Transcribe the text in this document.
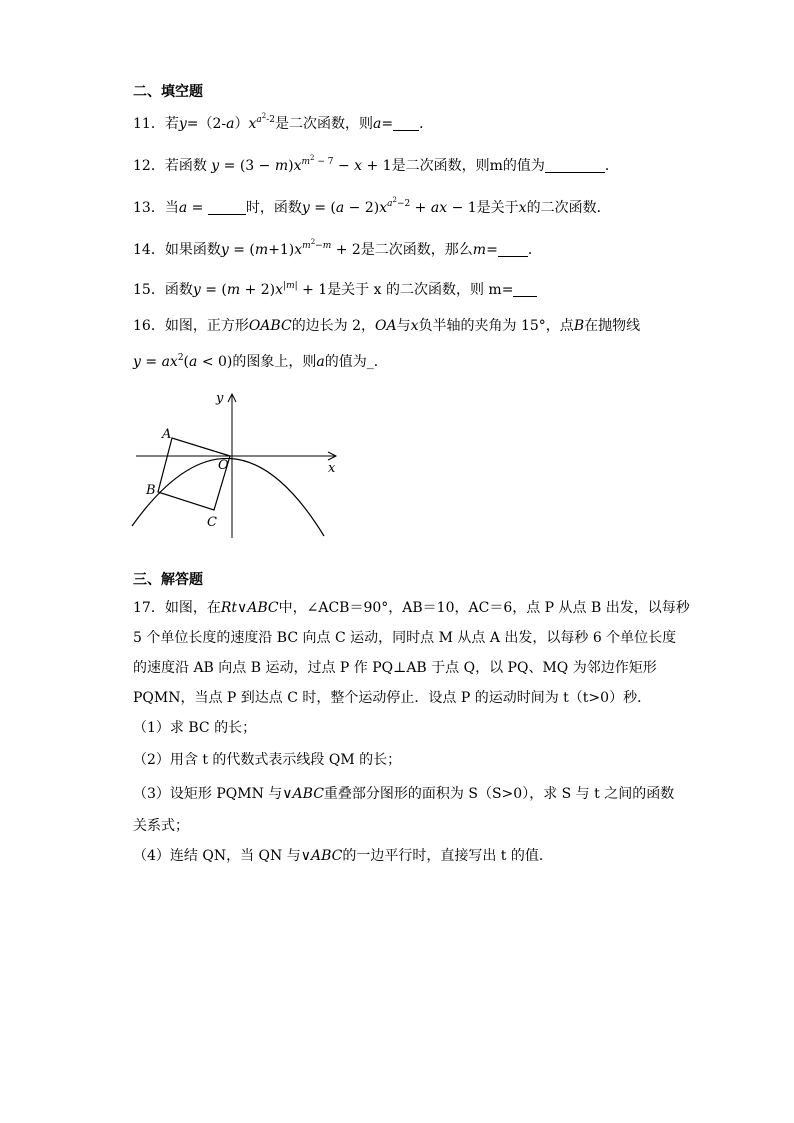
二、填空题
11．若$y=(2-a)x^{a^2-2}$是二次函数，则a= ．
12．若函数 $y = (3 - m)x^{m^2 - 7} - x + 1$是二次函数，则m的值为	．
13．当a =	时，函数$y = (a - 2)x^{a^2-2}$ + ax − 1是关于x的二次函数．
14．如果函数$y = (m+1)x^{m^2-m} + 2$是二次函数，那么m= ．
15．函数$y = (m + 2)x^{|m|} + 1$是关于 x 的二次函数，则 m=
16．如图，正方形OABC的边长为 2，OA与x负半轴的夹角为 15°，点B在抛物线
$y = ax^2(a < 0)$的图象上，则a的值为_．
y
x
O
A
B
C
三、解答题
17．如图，在Rt∨ABC中，∠ACB＝90°，AB＝10，AC＝6，点 P 从点 B 出发，以每秒
5 个单位长度的速度沿 BC 向点 C 运动，同时点 M 从点 A 出发，以每秒 6 个单位长度
的速度沿 AB 向点 B 运动，过点 P 作 PQ⊥AB 于点 Q，以 PQ、MQ 为邻边作矩形
PQMN，当点 P 到达点 C 时，整个运动停止．设点 P 的运动时间为 t（t>0）秒．
（1）求 BC 的长；
（2）用含 t 的代数式表示线段 QM 的长；
（3）设矩形 PQMN 与∨ABC重叠部分图形的面积为 S（S>0），求 S 与 t 之间的函数
关系式；
（4）连结 QN，当 QN 与∨ABC的一边平行时，直接写出 t 的值．
